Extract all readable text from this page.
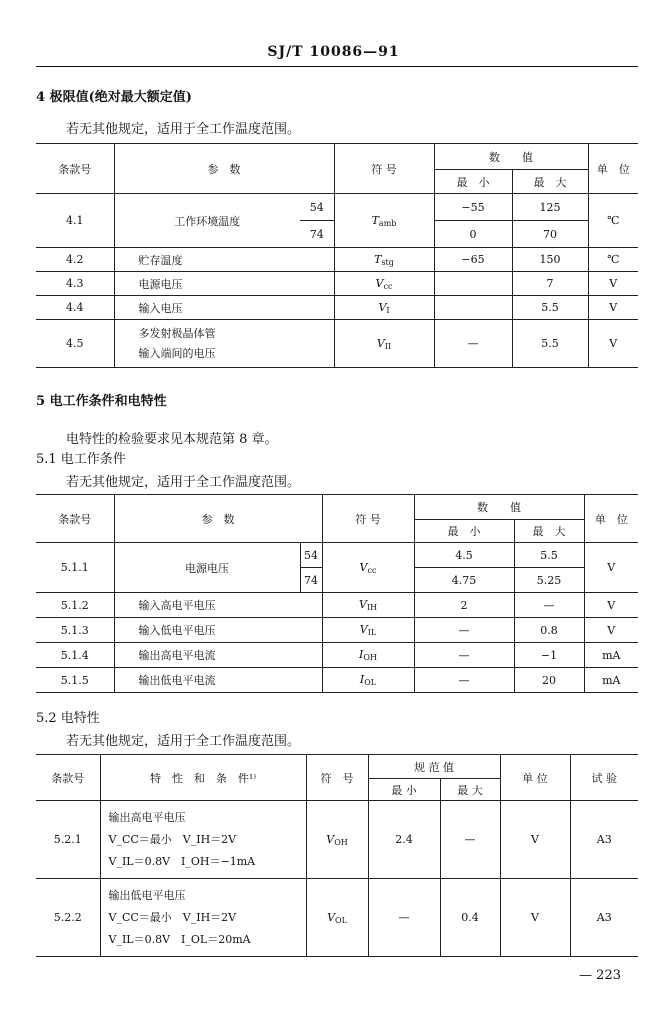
SJ/T 10086—91
4 极限值(绝对最大额定值)
若无其他规定，适用于全工作温度范围。
条款号	参　数		符 号	数　　值		单　位
				最　小	最　大	
4.1	工作环境温度	54	$T_{amb}$	−55	125	℃
		74		0	70	
4.2	贮存温度		$T_{stg}$	−65	150	℃
4.3	电源电压		$V_{cc}$		7	V
4.4	输入电压		$V_I$		5.5	V
4.5	多发射极晶体管
输入端间的电压		$V_{II}$	—	5.5	V
5 电工作条件和电特性
电特性的检验要求见本规范第 8 章。
5.1 电工作条件
若无其他规定，适用于全工作温度范围。
条款号	参　数		符 号	数　　值		单　位
				最　小	最　大	
5.1.1	电源电压	54	$V_{cc}$	4.5	5.5	V
		74		4.75	5.25	
5.1.2	输入高电平电压		$V_{IH}$	2	—	V
5.1.3	输入低电平电压		$V_{IL}$	—	0.8	V
5.1.4	输出高电平电流		$I_{OH}$	—	−1	mA
5.1.5	输出低电平电流		$I_{OL}$	—	20	mA
5.2 电特性
若无其他规定，适用于全工作温度范围。
条款号	特　性　和　条　件¹⁾	符　号	规 范 值		单 位	试 验
			最 小	最 大		
5.2.1	输出高电平电压
V_CC＝最小　V_IH＝2V
V_IL＝0.8V　I_OH＝−1mA	$V_{OH}$	2.4	—	V	A3
5.2.2	输出低电平电压
V_CC＝最小　V_IH＝2V
V_IL＝0.8V　I_OL＝20mA	$V_{OL}$	—	0.4	V	A3
— 223
